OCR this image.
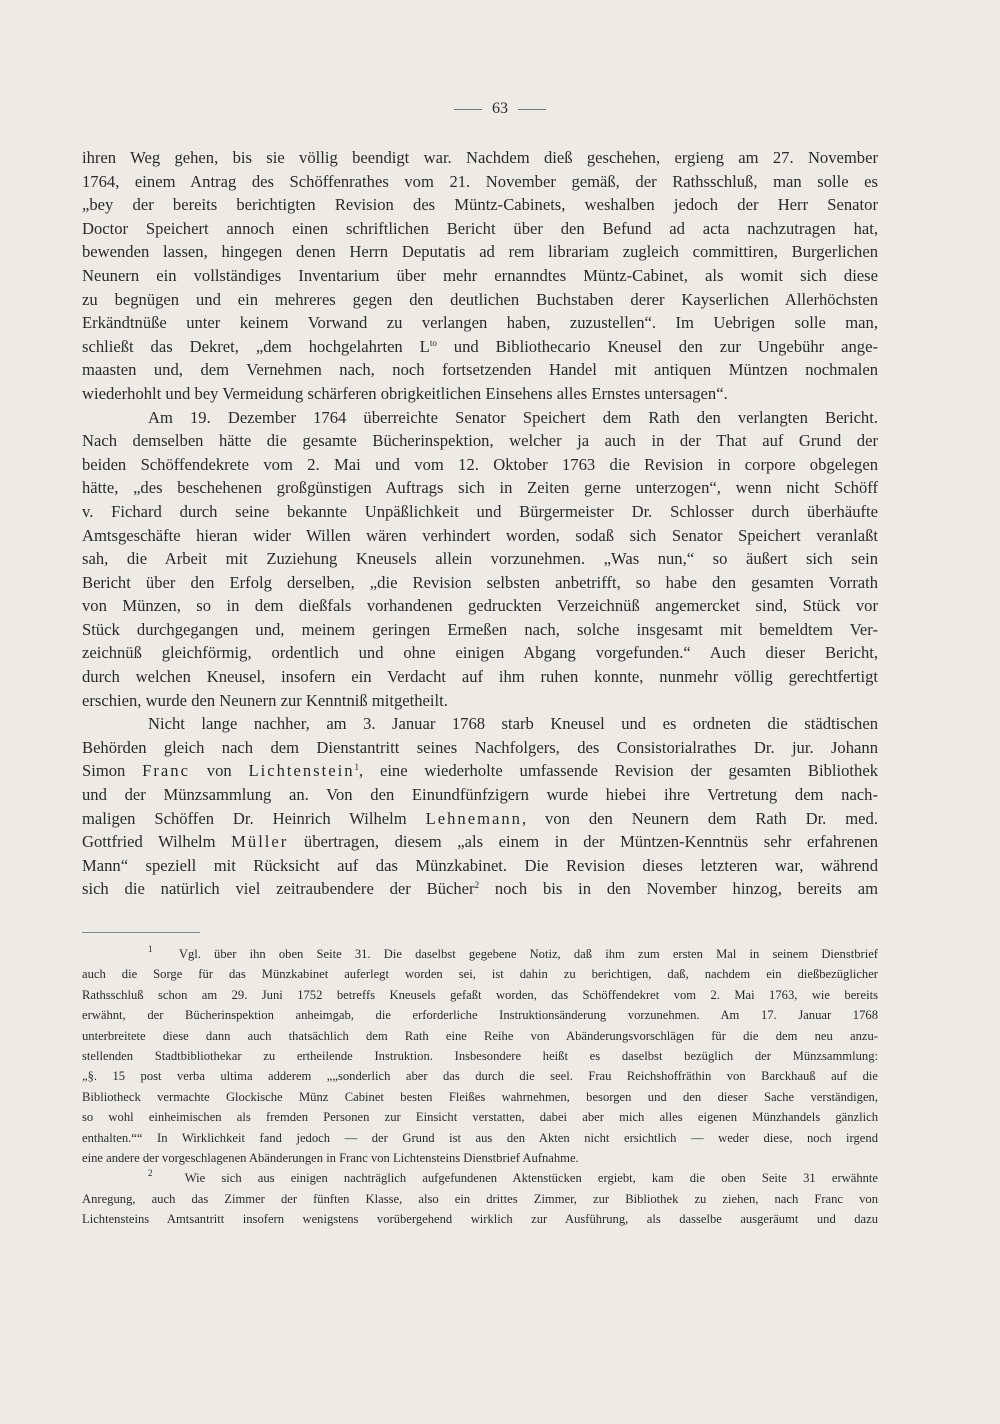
63
ihren Weg gehen, bis sie völlig beendigt war. Nachdem dieß geschehen, ergieng am 27. November
1764, einem Antrag des Schöffenrathes vom 21. November gemäß, der Rathsschluß, man solle es
„bey der bereits berichtigten Revision des Müntz-Cabinets, weshalben jedoch der Herr Senator
Doctor Speichert annoch einen schriftlichen Bericht über den Befund ad acta nachzutragen hat,
bewenden lassen, hingegen denen Herrn Deputatis ad rem librariam zugleich committiren, Burgerlichen
Neunern ein vollständiges Inventarium über mehr ernanndtes Müntz-Cabinet, als womit sich diese
zu begnügen und ein mehreres gegen den deutlichen Buchstaben derer Kayserlichen Allerhöchsten
Erkändtnüße unter keinem Vorwand zu verlangen haben, zuzustellen“. Im Uebrigen solle man,
schließt das Dekret, „dem hochgelahrten $L^{to}$ und Bibliothecario Kneusel den zur Ungebühr ange-
maasten und, dem Vernehmen nach, noch fortsetzenden Handel mit antiquen Müntzen nochmalen
wiederhohlt und bey Vermeidung schärferen obrigkeitlichen Einsehens alles Ernstes untersagen“.
Am 19. Dezember 1764 überreichte Senator Speichert dem Rath den verlangten Bericht.
Nach demselben hätte die gesamte Bücherinspektion, welcher ja auch in der That auf Grund der
beiden Schöffendekrete vom 2. Mai und vom 12. Oktober 1763 die Revision in corpore obgelegen
hätte, „des beschehenen großgünstigen Auftrags sich in Zeiten gerne unterzogen“, wenn nicht Schöff
v. Fichard durch seine bekannte Unpäßlichkeit und Bürgermeister Dr. Schlosser durch überhäufte
Amtsgeschäfte hieran wider Willen wären verhindert worden, sodaß sich Senator Speichert veranlaßt
sah, die Arbeit mit Zuziehung Kneusels allein vorzunehmen. „Was nun,“ so äußert sich sein
Bericht über den Erfolg derselben, „die Revision selbsten anbetrifft, so habe den gesamten Vorrath
von Münzen, so in dem dießfals vorhandenen gedruckten Verzeichnüß angemercket sind, Stück vor
Stück durchgegangen und, meinem geringen Ermeßen nach, solche insgesamt mit bemeldtem Ver-
zeichnüß gleichförmig, ordentlich und ohne einigen Abgang vorgefunden.“ Auch dieser Bericht,
durch welchen Kneusel, insofern ein Verdacht auf ihm ruhen konnte, nunmehr völlig gerechtfertigt
erschien, wurde den Neunern zur Kenntniß mitgetheilt.
Nicht lange nachher, am 3. Januar 1768 starb Kneusel und es ordneten die städtischen
Behörden gleich nach dem Dienstantritt seines Nachfolgers, des Consistorialrathes Dr. jur. Johann
Simon Franc von Lichtenstein$^1$, eine wiederholte umfassende Revision der gesamten Bibliothek
und der Münzsammlung an. Von den Einundfünfzigern wurde hiebei ihre Vertretung dem nach-
maligen Schöffen Dr. Heinrich Wilhelm Lehnemann, von den Neunern dem Rath Dr. med.
Gottfried Wilhelm Müller übertragen, diesem „als einem in der Müntzen-Kenntnüs sehr erfahrenen
Mann“ speziell mit Rücksicht auf das Münzkabinet. Die Revision dieses letzteren war, während
sich die natürlich viel zeitraubendere der Bücher$^2$ noch bis in den November hinzog, bereits am
$^1$ Vgl. über ihn oben Seite 31. Die daselbst gegebene Notiz, daß ihm zum ersten Mal in seinem Dienstbrief
auch die Sorge für das Münzkabinet auferlegt worden sei, ist dahin zu berichtigen, daß, nachdem ein dießbezüglicher
Rathsschluß schon am 29. Juni 1752 betreffs Kneusels gefaßt worden, das Schöffendekret vom 2. Mai 1763, wie bereits
erwähnt, der Bücherinspektion anheimgab, die erforderliche Instruktionsänderung vorzunehmen. Am 17. Januar 1768
unterbreitete diese dann auch thatsächlich dem Rath eine Reihe von Abänderungsvorschlägen für die dem neu anzu-
stellenden Stadtbibliothekar zu ertheilende Instruktion. Insbesondere heißt es daselbst bezüglich der Münzsammlung:
„§. 15 post verba ultima adderem „„sonderlich aber das durch die seel. Frau Reichshoffräthin von Barckhauß auf die
Bibliotheck vermachte Glockische Münz Cabinet besten Fleißes wahrnehmen, besorgen und den dieser Sache verständigen,
so wohl einheimischen als fremden Personen zur Einsicht verstatten, dabei aber mich alles eigenen Münzhandels gänzlich
enthalten.““ In Wirklichkeit fand jedoch — der Grund ist aus den Akten nicht ersichtlich — weder diese, noch irgend
eine andere der vorgeschlagenen Abänderungen in Franc von Lichtensteins Dienstbrief Aufnahme.
$^2$	Wie sich aus einigen nachträglich aufgefundenen Aktenstücken ergiebt, kam die oben Seite 31 erwähnte
Anregung, auch das Zimmer der fünften Klasse, also ein drittes Zimmer, zur Bibliothek zu ziehen, nach Franc von
Lichtensteins Amtsantritt insofern wenigstens vorübergehend wirklich zur Ausführung, als dasselbe ausgeräumt und dazu
